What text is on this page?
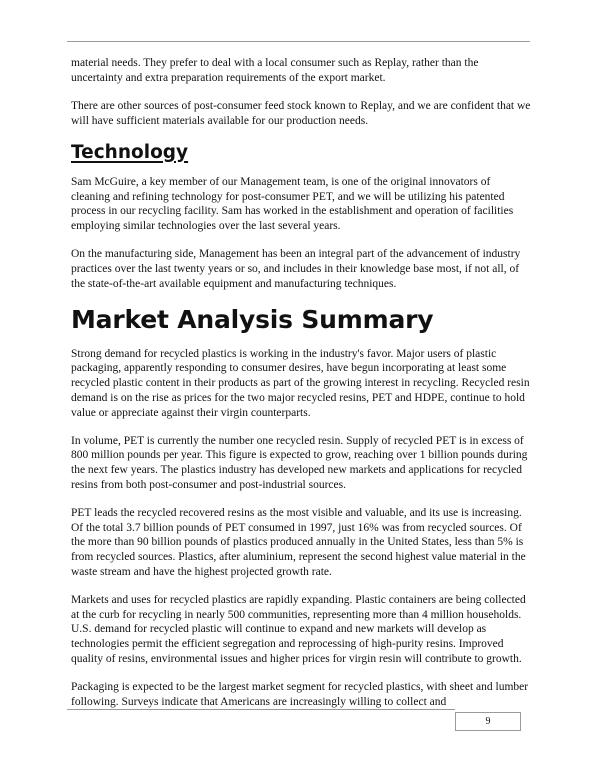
material needs. They prefer to deal with a local consumer such as Replay, rather than the uncertainty and extra preparation requirements of the export market.

There are other sources of post-consumer feed stock known to Replay, and we are confident that we will have sufficient materials available for our production needs.

Technology

Sam McGuire, a key member of our Management team, is one of the original innovators of cleaning and refining technology for post-consumer PET, and we will be utilizing his patented process in our recycling facility. Sam has worked in the establishment and operation of facilities employing similar technologies over the last several years.

On the manufacturing side, Management has been an integral part of the advancement of industry practices over the last twenty years or so, and includes in their knowledge base most, if not all, of the state-of-the-art available equipment and manufacturing techniques.

Market Analysis Summary

Strong demand for recycled plastics is working in the industry's favor. Major users of plastic packaging, apparently responding to consumer desires, have begun incorporating at least some recycled plastic content in their products as part of the growing interest in recycling. Recycled resin demand is on the rise as prices for the two major recycled resins, PET and HDPE, continue to hold value or appreciate against their virgin counterparts.

In volume, PET is currently the number one recycled resin. Supply of recycled PET is in excess of 800 million pounds per year. This figure is expected to grow, reaching over 1 billion pounds during the next few years. The plastics industry has developed new markets and applications for recycled resins from both post-consumer and post-industrial sources.

PET leads the recycled recovered resins as the most visible and valuable, and its use is increasing. Of the total 3.7 billion pounds of PET consumed in 1997, just 16% was from recycled sources. Of the more than 90 billion pounds of plastics produced annually in the United States, less than 5% is from recycled sources. Plastics, after aluminium, represent the second highest value material in the waste stream and have the highest projected growth rate.

Markets and uses for recycled plastics are rapidly expanding. Plastic containers are being collected at the curb for recycling in nearly 500 communities, representing more than 4 million households. U.S. demand for recycled plastic will continue to expand and new markets will develop as technologies permit the efficient segregation and reprocessing of high-purity resins. Improved quality of resins, environmental issues and higher prices for virgin resin will contribute to growth.

Packaging is expected to be the largest market segment for recycled plastics, with sheet and lumber following. Surveys indicate that Americans are increasingly willing to collect and

9
